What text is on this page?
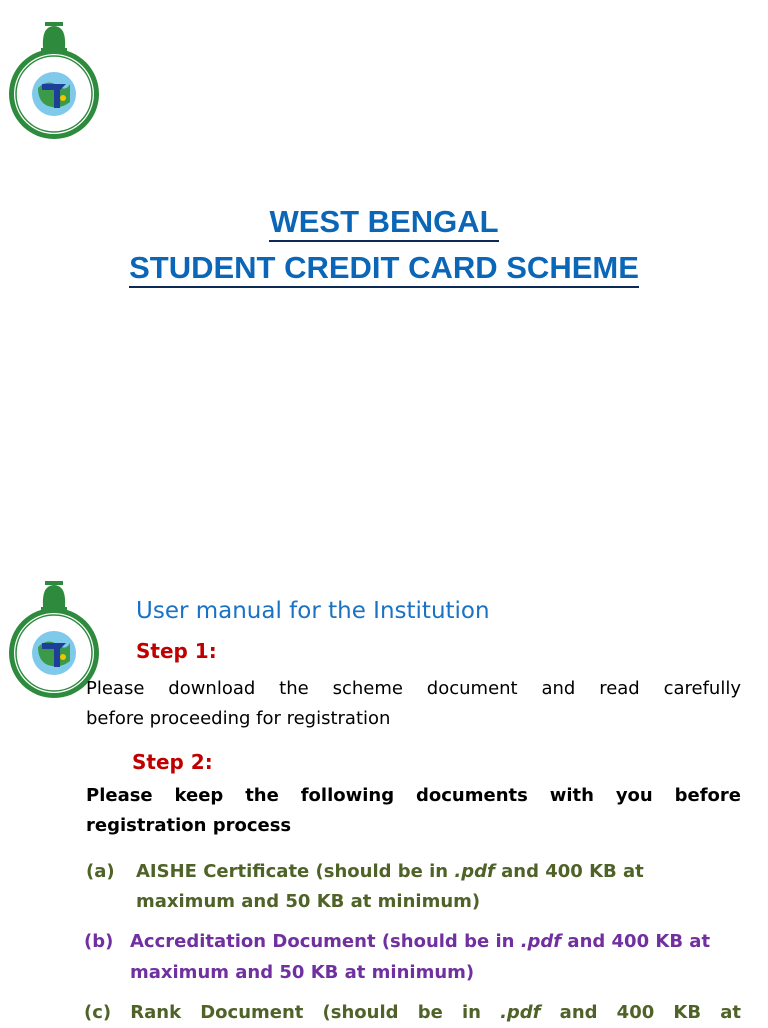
WEST BENGAL
STUDENT CREDIT CARD SCHEME
User manual for the Institution
Step 1:
Please download the scheme document and read carefully
before proceeding for registration
Step 2:
Please keep the following documents with you before
registration process
(a) AISHE Certificate (should be in .pdf and 400 KB at
maximum and 50 KB at minimum)
(b) Accreditation Document (should be in .pdf and 400 KB at
maximum and 50 KB at minimum)
(c) Rank Document (should be in .pdf and 400 KB at
